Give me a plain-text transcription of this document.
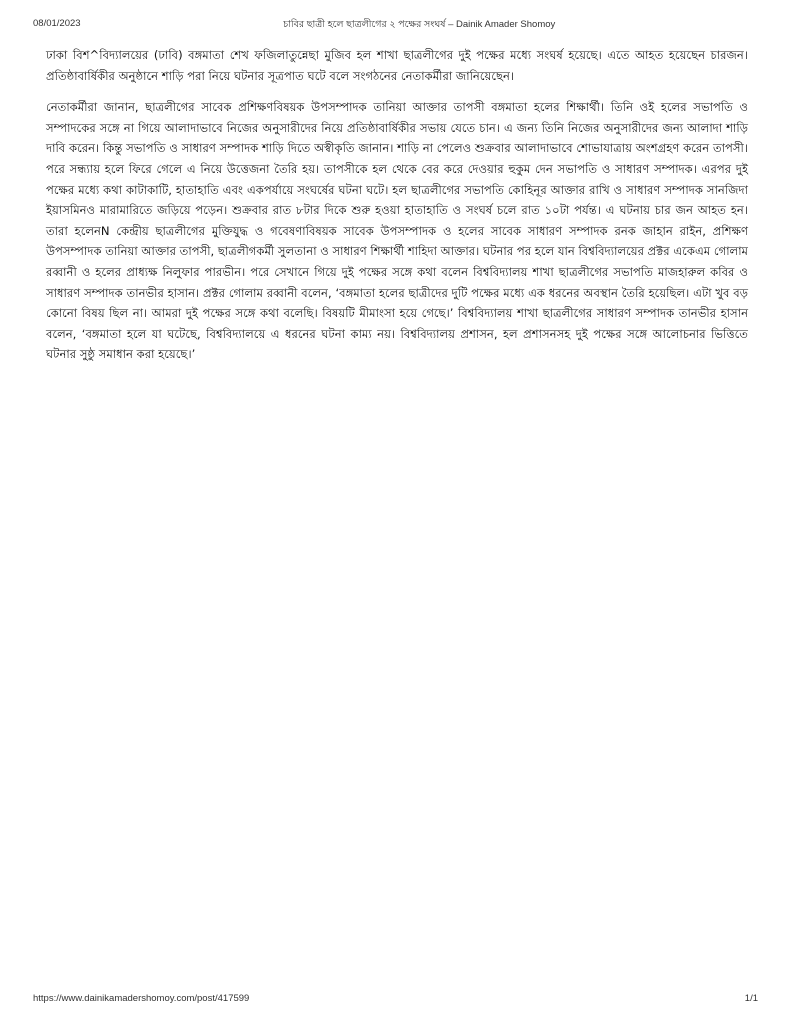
08/01/2023	চাবির ছাত্রী হলে ছাত্রলীগের ২ পক্ষের সংঘর্ষ – Dainik Amader Shomoy

ঢাকা বিশ^বিদ্যালয়ের (ঢাবি) বঙ্গমাতা শেখ ফজিলাতুন্নেছা মুজিব হল শাখা ছাত্রলীগের দুই পক্ষের মধ্যে সংঘর্ষ হয়েছে। এতে আহত হয়েছেন চারজন। প্রতিষ্ঠাবার্ষিকীর অনুষ্ঠানে শাড়ি পরা নিয়ে ঘটনার সূত্রপাত ঘটে বলে সংগঠনের নেতাকর্মীরা জানিয়েছেন।

নেতাকর্মীরা জানান, ছাত্রলীগের সাবেক প্রশিক্ষণবিষয়ক উপসম্পাদক তানিয়া আক্তার তাপসী বঙ্গমাতা হলের শিক্ষার্থী। তিনি ওই হলের সভাপতি ও সম্পাদকের সঙ্গে না গিয়ে আলাদাভাবে নিজের অনুসারীদের নিয়ে প্রতিষ্ঠাবার্ষিকীর সভায় যেতে চান। এ জন্য তিনি নিজের অনুসারীদের জন্য আলাদা শাড়ি দাবি করেন। কিন্তু সভাপতি ও সাধারণ সম্পাদক শাড়ি দিতে অস্বীকৃতি জানান। শাড়ি না পেলেও শুক্রবার আলাদাভাবে শোভাযাত্রায় অংশগ্রহণ করেন তাপসী। পরে সন্ধ্যায় হলে ফিরে গেলে এ নিয়ে উত্তেজনা তৈরি হয়। তাপসীকে হল থেকে বের করে দেওয়ার হুকুম দেন সভাপতি ও সাধারণ সম্পাদক। এরপর দুই পক্ষের মধ্যে কথা কাটাকাটি, হাতাহাতি এবং একপর্যায়ে সংঘর্ষের ঘটনা ঘটে। হল ছাত্রলীগের সভাপতি কোহিনূর আক্তার রাখি ও সাধারণ সম্পাদক সানজিদা ইয়াসমিনও মারামারিতে জড়িয়ে পড়েন। শুক্রবার রাত ৮টার দিকে শুরু হওয়া হাতাহাতি ও সংঘর্ষ চলে রাত ১০টা পর্যন্ত। এ ঘটনায় চার জন আহত হন। তারা হলেনN কেন্দ্রীয় ছাত্রলীগের মুক্তিযুদ্ধ ও গবেষণাবিষয়ক সাবেক উপসম্পাদক ও হলের সাবেক সাধারণ সম্পাদক রনক জাহান রাইন, প্রশিক্ষণ উপসম্পাদক তানিয়া আক্তার তাপসী, ছাত্রলীগকর্মী সুলতানা ও সাধারণ শিক্ষার্থী শাহিদা আক্তার। ঘটনার পর হলে যান বিশ্ববিদ্যালয়ের প্রক্টর একেএম গোলাম রব্বানী ও হলের প্রাধ্যক্ষ নিলুফার পারভীন। পরে সেখানে গিয়ে দুই পক্ষের সঙ্গে কথা বলেন বিশ্ববিদ্যালয় শাখা ছাত্রলীগের সভাপতি মাজহারুল কবির ও সাধারণ সম্পাদক তানভীর হাসান। প্রক্টর গোলাম রব্বানী বলেন, ‘বঙ্গমাতা হলের ছাত্রীদের দুটি পক্ষের মধ্যে এক ধরনের অবস্থান তৈরি হয়েছিল। এটা খুব বড় কোনো বিষয় ছিল না। আমরা দুই পক্ষের সঙ্গে কথা বলেছি। বিষয়টি মীমাংসা হয়ে গেছে।’ বিশ্ববিদ্যালয় শাখা ছাত্রলীগের সাধারণ সম্পাদক তানভীর হাসান বলেন, ‘বঙ্গমাতা হলে যা ঘটেছে, বিশ্ববিদ্যালয়ে এ ধরনের ঘটনা কাম্য নয়। বিশ্ববিদ্যালয় প্রশাসন, হল প্রশাসনসহ দুই পক্ষের সঙ্গে আলোচনার ভিত্তিতে ঘটনার সুষ্ঠু সমাধান করা হয়েছে।’

https://www.dainikamadershomoy.com/post/417599	1/1
